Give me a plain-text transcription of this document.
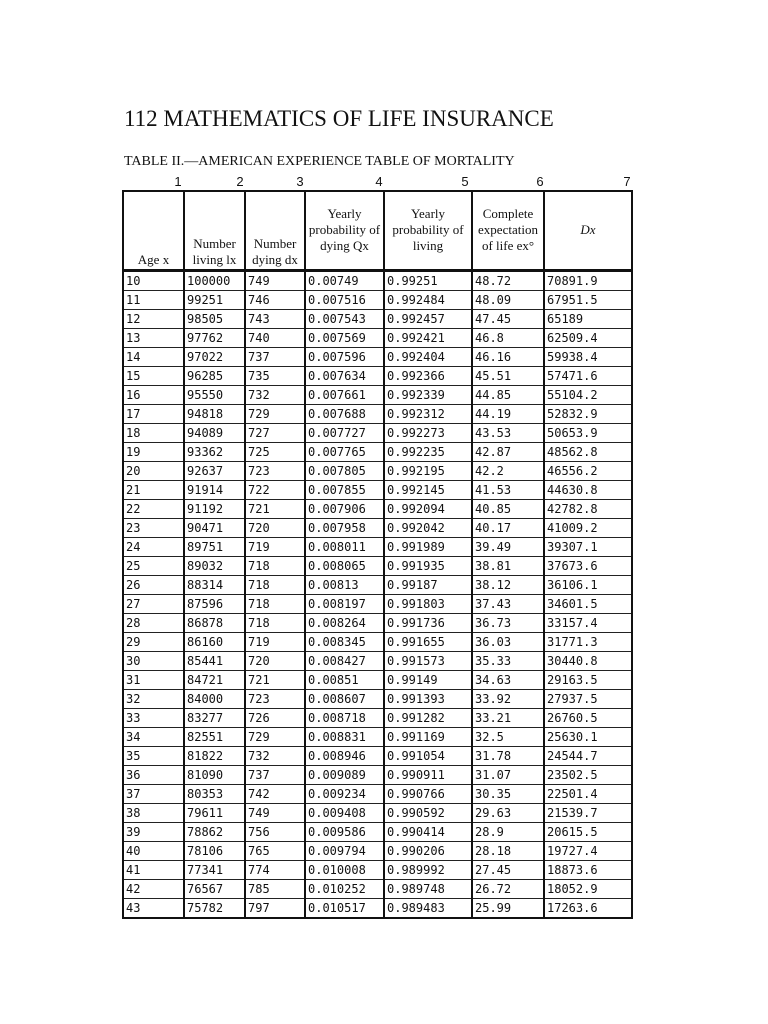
112 MATHEMATICS OF LIFE INSURANCE
TABLE II.—AMERICAN EXPERIENCE TABLE OF MORTALITY
1	2	3	4	5	6	7
Age x	Number living lx	Number dying dx	Yearly probability of dying Qx	Yearly probability of living	Complete expectation of life ex°	Dx
10	100000	749	0.00749	0.99251	48.72	70891.9
11	99251	746	0.007516	0.992484	48.09	67951.5
12	98505	743	0.007543	0.992457	47.45	65189
13	97762	740	0.007569	0.992421	46.8	62509.4
14	97022	737	0.007596	0.992404	46.16	59938.4
15	96285	735	0.007634	0.992366	45.51	57471.6
16	95550	732	0.007661	0.992339	44.85	55104.2
17	94818	729	0.007688	0.992312	44.19	52832.9
18	94089	727	0.007727	0.992273	43.53	50653.9
19	93362	725	0.007765	0.992235	42.87	48562.8
20	92637	723	0.007805	0.992195	42.2	46556.2
21	91914	722	0.007855	0.992145	41.53	44630.8
22	91192	721	0.007906	0.992094	40.85	42782.8
23	90471	720	0.007958	0.992042	40.17	41009.2
24	89751	719	0.008011	0.991989	39.49	39307.1
25	89032	718	0.008065	0.991935	38.81	37673.6
26	88314	718	0.00813	0.99187	38.12	36106.1
27	87596	718	0.008197	0.991803	37.43	34601.5
28	86878	718	0.008264	0.991736	36.73	33157.4
29	86160	719	0.008345	0.991655	36.03	31771.3
30	85441	720	0.008427	0.991573	35.33	30440.8
31	84721	721	0.00851	0.99149	34.63	29163.5
32	84000	723	0.008607	0.991393	33.92	27937.5
33	83277	726	0.008718	0.991282	33.21	26760.5
34	82551	729	0.008831	0.991169	32.5	25630.1
35	81822	732	0.008946	0.991054	31.78	24544.7
36	81090	737	0.009089	0.990911	31.07	23502.5
37	80353	742	0.009234	0.990766	30.35	22501.4
38	79611	749	0.009408	0.990592	29.63	21539.7
39	78862	756	0.009586	0.990414	28.9	20615.5
40	78106	765	0.009794	0.990206	28.18	19727.4
41	77341	774	0.010008	0.989992	27.45	18873.6
42	76567	785	0.010252	0.989748	26.72	18052.9
43	75782	797	0.010517	0.989483	25.99	17263.6
